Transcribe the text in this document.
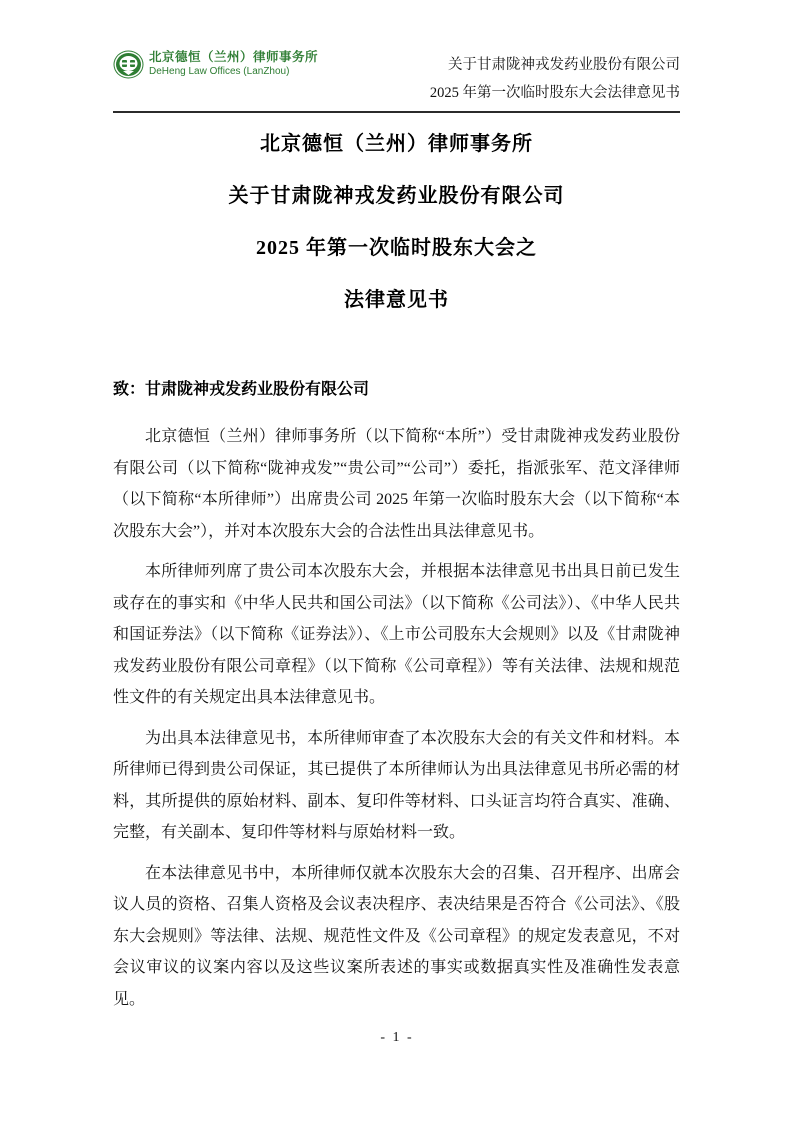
北京德恒（兰州）律师事务所
DeHeng Law Offices (LanZhou)	关于甘肃陇神戎发药业股份有限公司
2025 年第一次临时股东大会法律意见书
北京德恒（兰州）律师事务所
关于甘肃陇神戎发药业股份有限公司
2025 年第一次临时股东大会之
法律意见书
致：甘肃陇神戎发药业股份有限公司

北京德恒（兰州）律师事务所（以下简称“本所”）受甘肃陇神戎发药业股份有限公司（以下简称“陇神戎发”“贵公司”“公司”）委托，指派张军、范文泽律师（以下简称“本所律师”）出席贵公司 2025 年第一次临时股东大会（以下简称“本次股东大会”），并对本次股东大会的合法性出具法律意见书。

本所律师列席了贵公司本次股东大会，并根据本法律意见书出具日前已发生或存在的事实和《中华人民共和国公司法》（以下简称《公司法》）、《中华人民共和国证券法》（以下简称《证券法》）、《上市公司股东大会规则》以及《甘肃陇神戎发药业股份有限公司章程》（以下简称《公司章程》）等有关法律、法规和规范性文件的有关规定出具本法律意见书。

为出具本法律意见书，本所律师审查了本次股东大会的有关文件和材料。本所律师已得到贵公司保证，其已提供了本所律师认为出具法律意见书所必需的材料，其所提供的原始材料、副本、复印件等材料、口头证言均符合真实、准确、完整，有关副本、复印件等材料与原始材料一致。

在本法律意见书中，本所律师仅就本次股东大会的召集、召开程序、出席会议人员的资格、召集人资格及会议表决程序、表决结果是否符合《公司法》、《股东大会规则》等法律、法规、规范性文件及《公司章程》的规定发表意见，不对会议审议的议案内容以及这些议案所表述的事实或数据真实性及准确性发表意见。

- 1 -
